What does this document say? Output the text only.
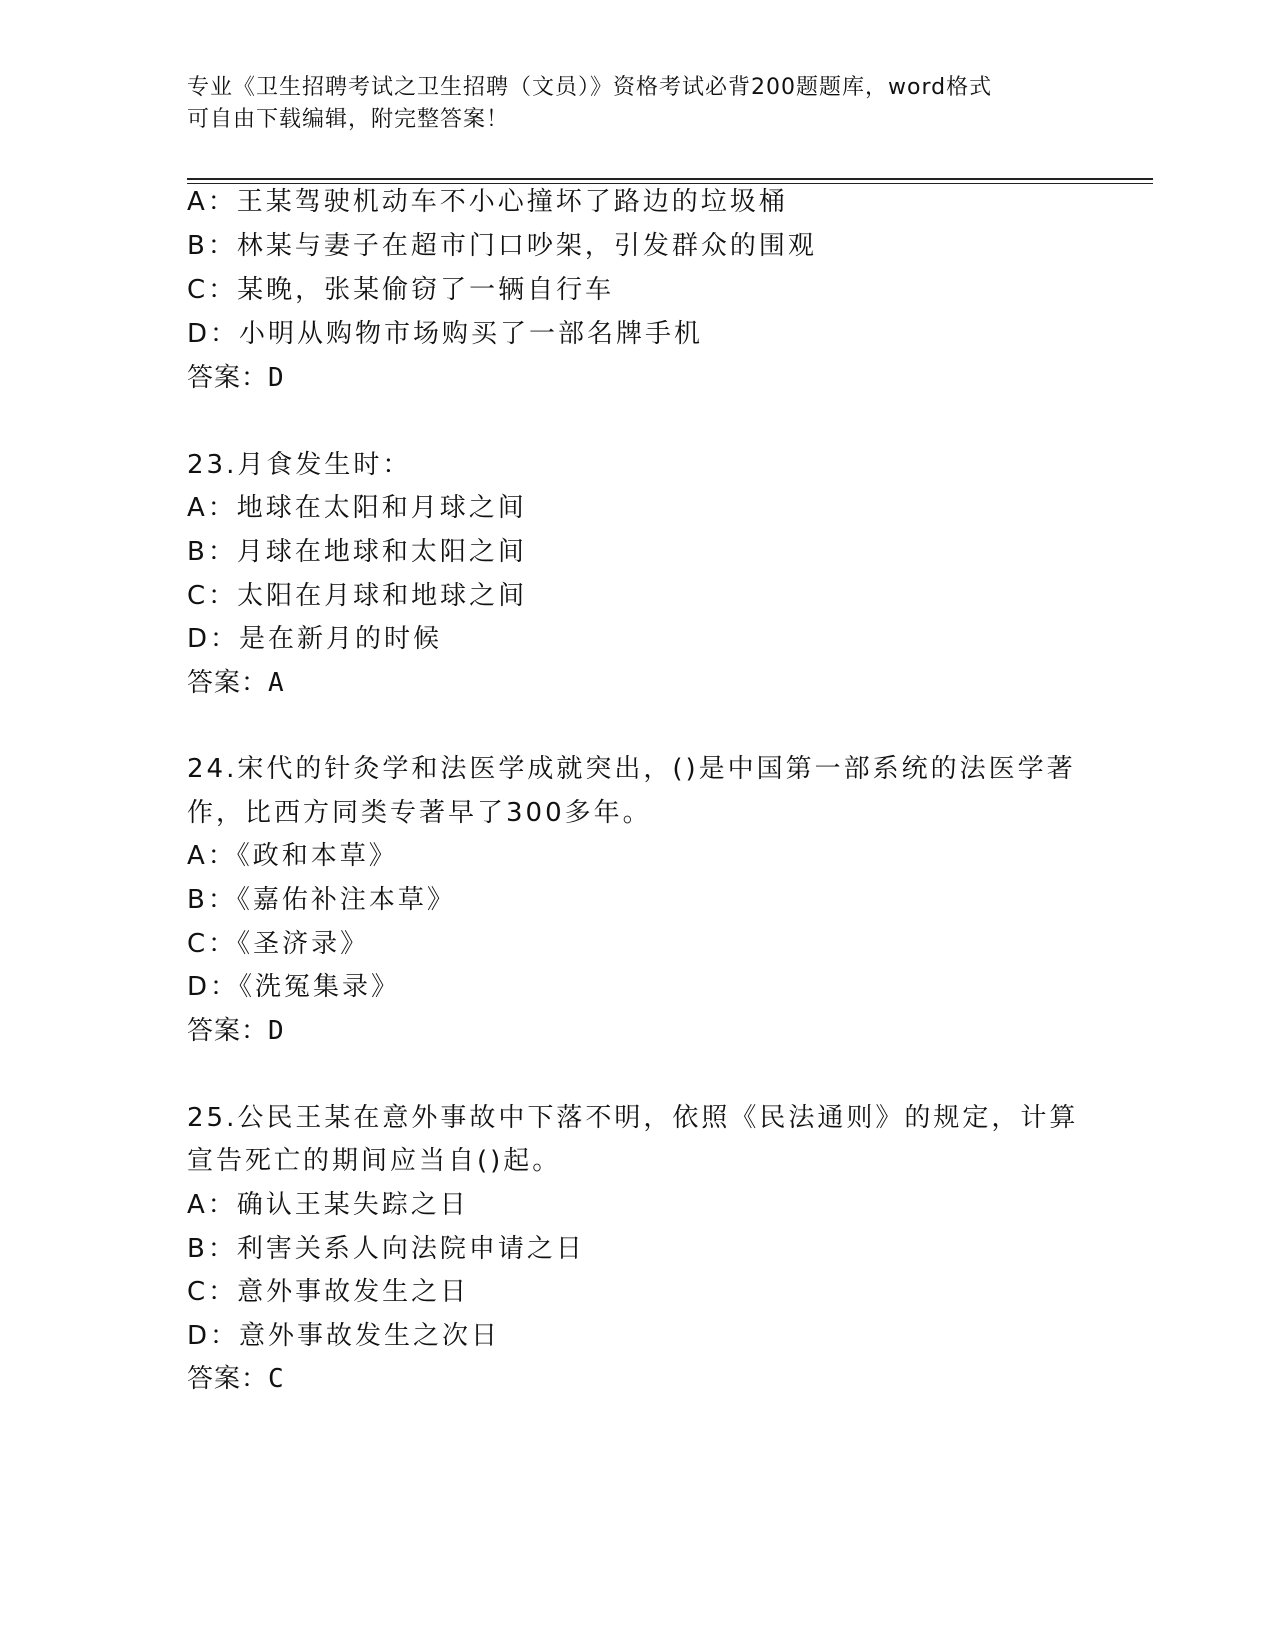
专业《卫生招聘考试之卫生招聘（文员）》资格考试必背200题题库，word格式
可自由下载编辑，附完整答案！
A：王某驾驶机动车不小心撞坏了路边的垃圾桶
B：林某与妻子在超市门口吵架，引发群众的围观
C：某晚，张某偷窃了一辆自行车
D：小明从购物市场购买了一部名牌手机
答案：D
23.月食发生时：
A：地球在太阳和月球之间
B：月球在地球和太阳之间
C：太阳在月球和地球之间
D：是在新月的时候
答案：A
24.宋代的针灸学和法医学成就突出，()是中国第一部系统的法医学著
作，比西方同类专著早了300多年。
A：《政和本草》
B：《嘉佑补注本草》
C：《圣济录》
D：《洗冤集录》
答案：D
25.公民王某在意外事故中下落不明，依照《民法通则》的规定，计算
宣告死亡的期间应当自()起。
A：确认王某失踪之日
B：利害关系人向法院申请之日
C：意外事故发生之日
D：意外事故发生之次日
答案：C
